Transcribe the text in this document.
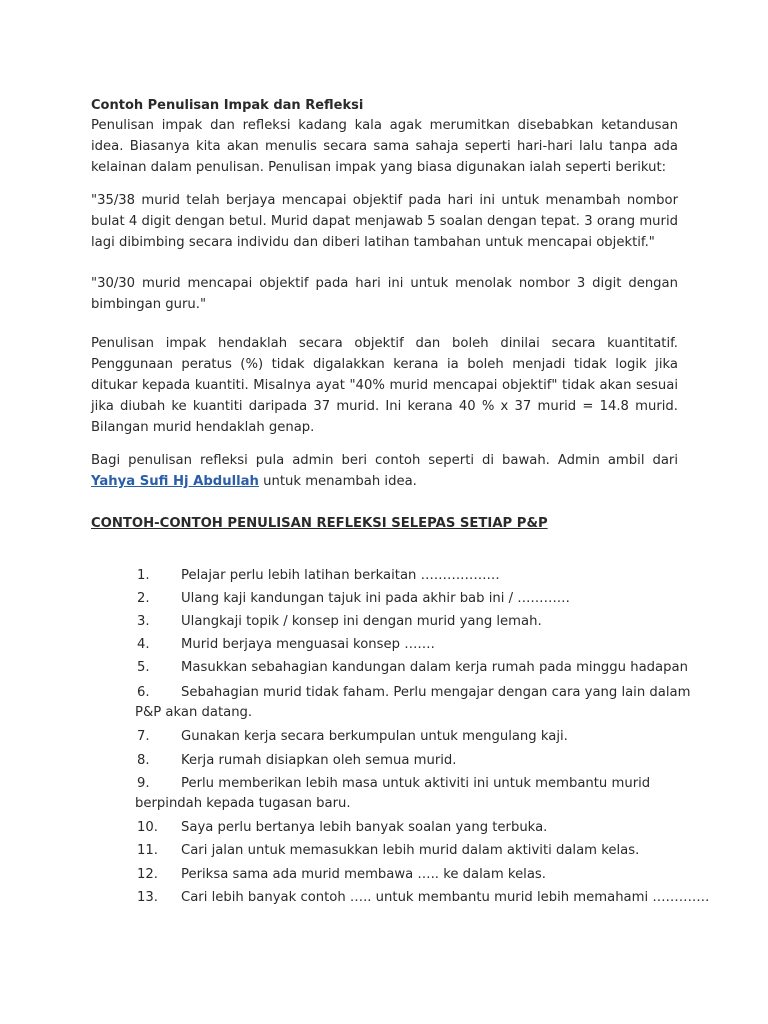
Contoh Penulisan Impak dan Refleksi
Penulisan impak dan refleksi kadang kala agak merumitkan disebabkan ketandusan idea. Biasanya kita akan menulis secara sama sahaja seperti hari-hari lalu tanpa ada kelainan dalam penulisan. Penulisan impak yang biasa digunakan ialah seperti berikut:
"35/38 murid telah berjaya mencapai objektif pada hari ini untuk menambah nombor bulat 4 digit dengan betul. Murid dapat menjawab 5 soalan dengan tepat. 3 orang murid lagi dibimbing secara individu dan diberi latihan tambahan untuk mencapai objektif."
"30/30 murid mencapai objektif pada hari ini untuk menolak nombor 3 digit dengan bimbingan guru."
Penulisan impak hendaklah secara objektif dan boleh dinilai secara kuantitatif. Penggunaan peratus (%) tidak digalakkan kerana ia boleh menjadi tidak logik jika ditukar kepada kuantiti. Misalnya ayat "40% murid mencapai objektif" tidak akan sesuai jika diubah ke kuantiti daripada 37 murid. Ini kerana 40 % x 37 murid = 14.8 murid. Bilangan murid hendaklah genap.
Bagi penulisan refleksi pula admin beri contoh seperti di bawah. Admin ambil dari Yahya Sufi Hj Abdullah untuk menambah idea.
CONTOH-CONTOH PENULISAN REFLEKSI SELEPAS SETIAP P&P
1. Pelajar perlu lebih latihan berkaitan ………………
2. Ulang kaji kandungan tajuk ini pada akhir bab ini / …………
3. Ulangkaji topik / konsep ini dengan murid yang lemah.
4. Murid berjaya menguasai konsep …….
5. Masukkan sebahagian kandungan dalam kerja rumah pada minggu hadapan
6. Sebahagian murid tidak faham. Perlu mengajar dengan cara yang lain dalam
P&P akan datang.
7. Gunakan kerja secara berkumpulan untuk mengulang kaji.
8. Kerja rumah disiapkan oleh semua murid.
9. Perlu memberikan lebih masa untuk aktiviti ini untuk membantu murid
berpindah kepada tugasan baru.
10. Saya perlu bertanya lebih banyak soalan yang terbuka.
11. Cari jalan untuk memasukkan lebih murid dalam aktiviti dalam kelas.
12. Periksa sama ada murid membawa ….. ke dalam kelas.
13. Cari lebih banyak contoh ….. untuk membantu murid lebih memahami ………….
